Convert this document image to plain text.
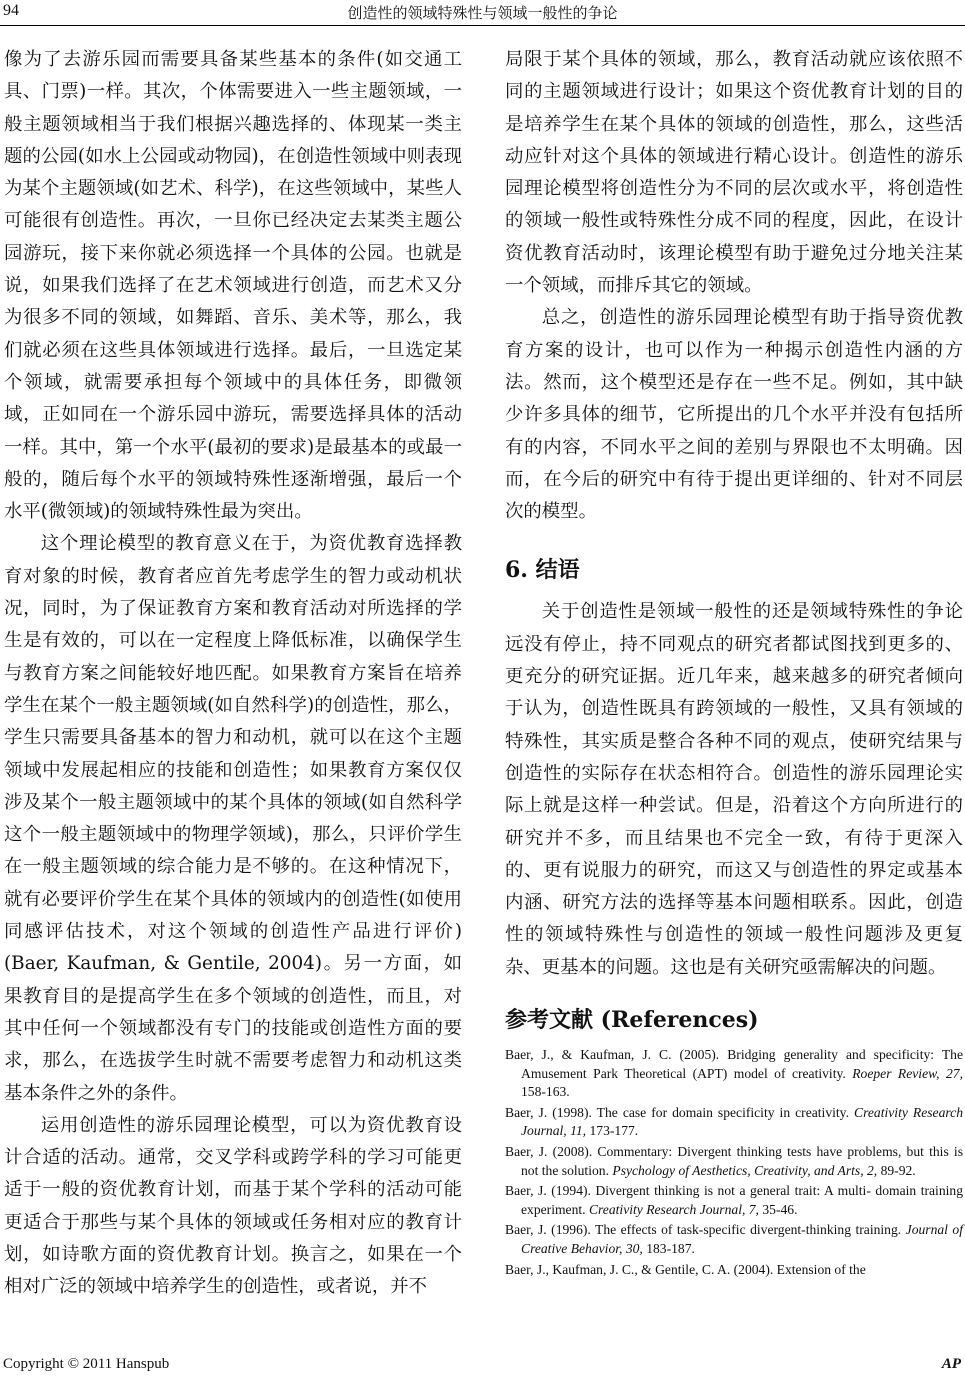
94	创造性的领域特殊性与领域一般性的争论

像为了去游乐园而需要具备某些基本的条件(如交通工具、门票)一样。其次，个体需要进入一些主题领域，一般主题领域相当于我们根据兴趣选择的、体现某一类主题的公园(如水上公园或动物园)，在创造性领域中则表现为某个主题领域(如艺术、科学)，在这些领域中，某些人可能很有创造性。再次，一旦你已经决定去某类主题公园游玩，接下来你就必须选择一个具体的公园。也就是说，如果我们选择了在艺术领域进行创造，而艺术又分为很多不同的领域，如舞蹈、音乐、美术等，那么，我们就必须在这些具体领域进行选择。最后，一旦选定某个领域，就需要承担每个领域中的具体任务，即微领域，正如同在一个游乐园中游玩，需要选择具体的活动一样。其中，第一个水平(最初的要求)是最基本的或最一般的，随后每个水平的领域特殊性逐渐增强，最后一个水平(微领域)的领域特殊性最为突出。

这个理论模型的教育意义在于，为资优教育选择教育对象的时候，教育者应首先考虑学生的智力或动机状况，同时，为了保证教育方案和教育活动对所选择的学生是有效的，可以在一定程度上降低标准，以确保学生与教育方案之间能较好地匹配。如果教育方案旨在培养学生在某个一般主题领域(如自然科学)的创造性，那么，学生只需要具备基本的智力和动机，就可以在这个主题领域中发展起相应的技能和创造性；如果教育方案仅仅涉及某个一般主题领域中的某个具体的领域(如自然科学这个一般主题领域中的物理学领域)，那么，只评价学生在一般主题领域的综合能力是不够的。在这种情况下，就有必要评价学生在某个具体的领域内的创造性(如使用同感评估技术，对这个领域的创造性产品进行评价)(Baer, Kaufman, & Gentile, 2004)。另一方面，如果教育目的是提高学生在多个领域的创造性，而且，对其中任何一个领域都没有专门的技能或创造性方面的要求，那么，在选拔学生时就不需要考虑智力和动机这类基本条件之外的条件。

运用创造性的游乐园理论模型，可以为资优教育设计合适的活动。通常，交叉学科或跨学科的学习可能更适于一般的资优教育计划，而基于某个学科的活动可能更适合于那些与某个具体的领域或任务相对应的教育计划，如诗歌方面的资优教育计划。换言之，如果在一个相对广泛的领域中培养学生的创造性，或者说，并不

局限于某个具体的领域，那么，教育活动就应该依照不同的主题领域进行设计；如果这个资优教育计划的目的是培养学生在某个具体的领域的创造性，那么，这些活动应针对这个具体的领域进行精心设计。创造性的游乐园理论模型将创造性分为不同的层次或水平，将创造性的领域一般性或特殊性分成不同的程度，因此，在设计资优教育活动时，该理论模型有助于避免过分地关注某一个领域，而排斥其它的领域。

总之，创造性的游乐园理论模型有助于指导资优教育方案的设计，也可以作为一种揭示创造性内涵的方法。然而，这个模型还是存在一些不足。例如，其中缺少许多具体的细节，它所提出的几个水平并没有包括所有的内容，不同水平之间的差别与界限也不太明确。因而，在今后的研究中有待于提出更详细的、针对不同层次的模型。

6. 结语

关于创造性是领域一般性的还是领域特殊性的争论远没有停止，持不同观点的研究者都试图找到更多的、更充分的研究证据。近几年来，越来越多的研究者倾向于认为，创造性既具有跨领域的一般性，又具有领域的特殊性，其实质是整合各种不同的观点，使研究结果与创造性的实际存在状态相符合。创造性的游乐园理论实际上就是这样一种尝试。但是，沿着这个方向所进行的研究并不多，而且结果也不完全一致，有待于更深入的、更有说服力的研究，而这又与创造性的界定或基本内涵、研究方法的选择等基本问题相联系。因此，创造性的领域特殊性与创造性的领域一般性问题涉及更复杂、更基本的问题。这也是有关研究亟需解决的问题。

参考文献 (References)
Baer, J., & Kaufman, J. C. (2005). Bridging generality and specificity: The Amusement Park Theoretical (APT) model of creativity. Roeper Review, 27, 158-163.
Baer, J. (1998). The case for domain specificity in creativity. Creativity Research Journal, 11, 173-177.
Baer, J. (2008). Commentary: Divergent thinking tests have problems, but this is not the solution. Psychology of Aesthetics, Creativity, and Arts, 2, 89-92.
Baer, J. (1994). Divergent thinking is not a general trait: A multi- domain training experiment. Creativity Research Journal, 7, 35-46.
Baer, J. (1996). The effects of task-specific divergent-thinking training. Journal of Creative Behavior, 30, 183-187.
Baer, J., Kaufman, J. C., & Gentile, C. A. (2004). Extension of the
Copyright © 2011 Hanspub	AP
